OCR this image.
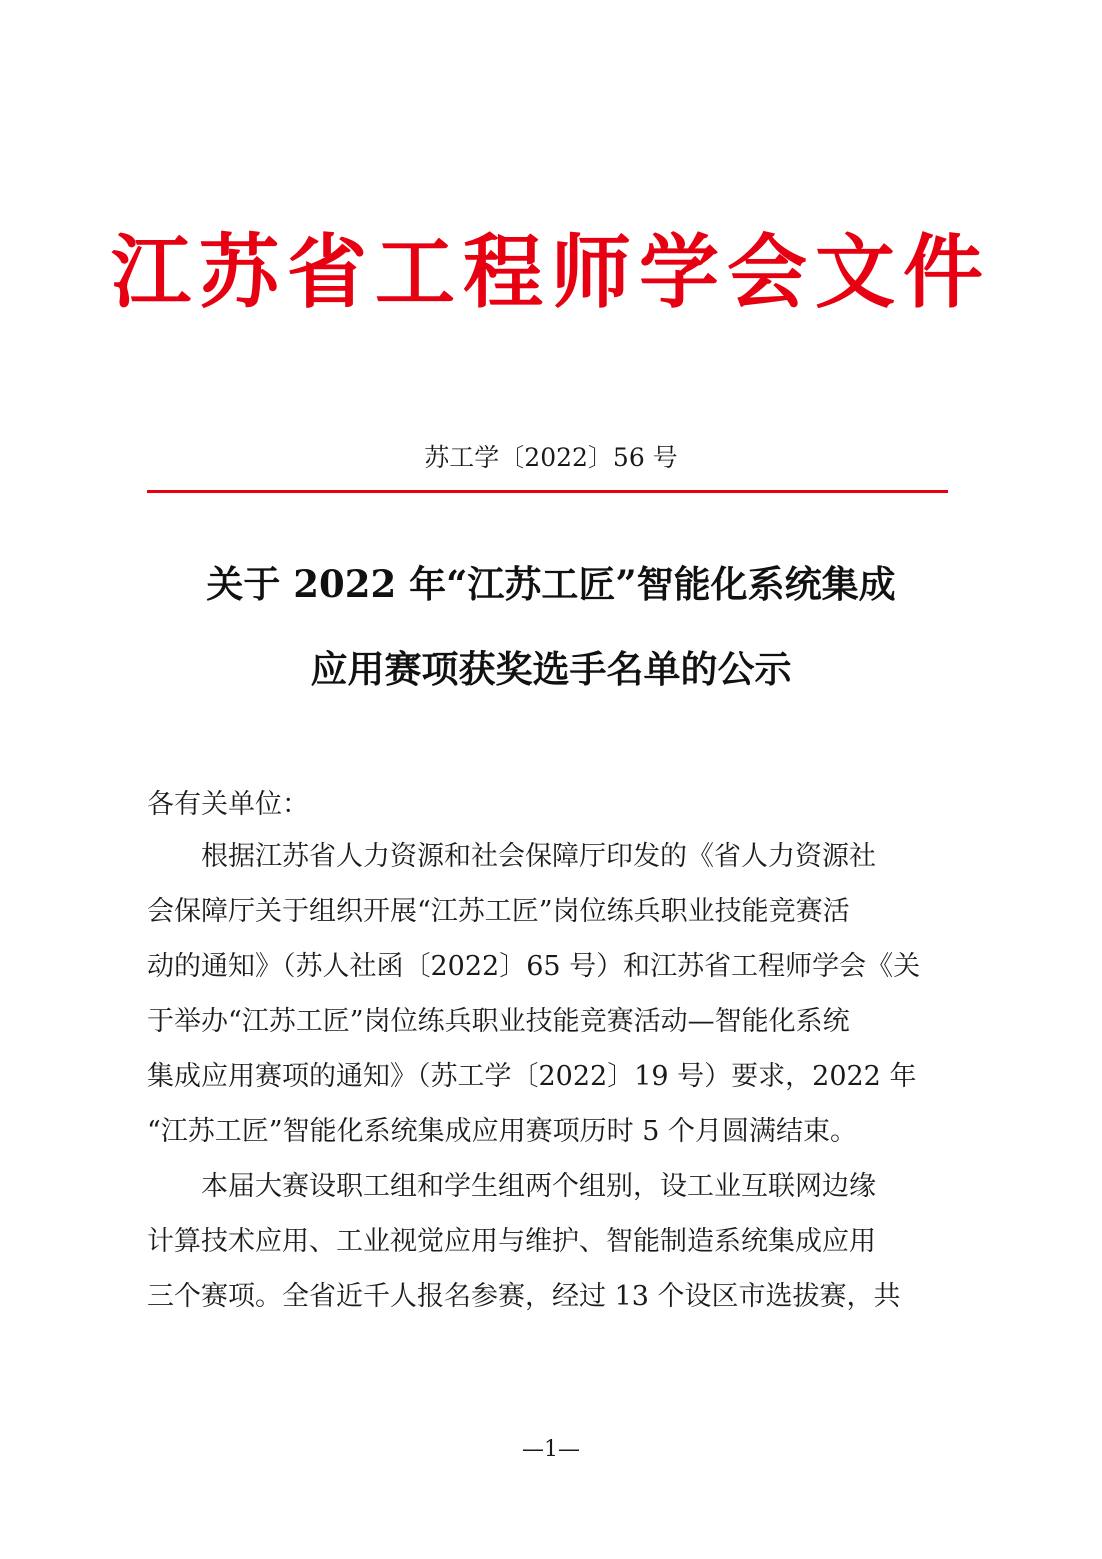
江苏省工程师学会文件
苏工学〔2022〕56 号
关于 2022 年“江苏工匠”智能化系统集成
应用赛项获奖选手名单的公示
各有关单位：
　　根据江苏省人力资源和社会保障厅印发的《省人力资源社
会保障厅关于组织开展“江苏工匠”岗位练兵职业技能竞赛活
动的通知》（苏人社函〔2022〕65 号）和江苏省工程师学会《关
于举办“江苏工匠”岗位练兵职业技能竞赛活动—智能化系统
集成应用赛项的通知》（苏工学〔2022〕19 号）要求，2022 年
“江苏工匠”智能化系统集成应用赛项历时 5 个月圆满结束。
　　本届大赛设职工组和学生组两个组别，设工业互联网边缘
计算技术应用、工业视觉应用与维护、智能制造系统集成应用
三个赛项。全省近千人报名参赛，经过 13 个设区市选拔赛，共
—1—
